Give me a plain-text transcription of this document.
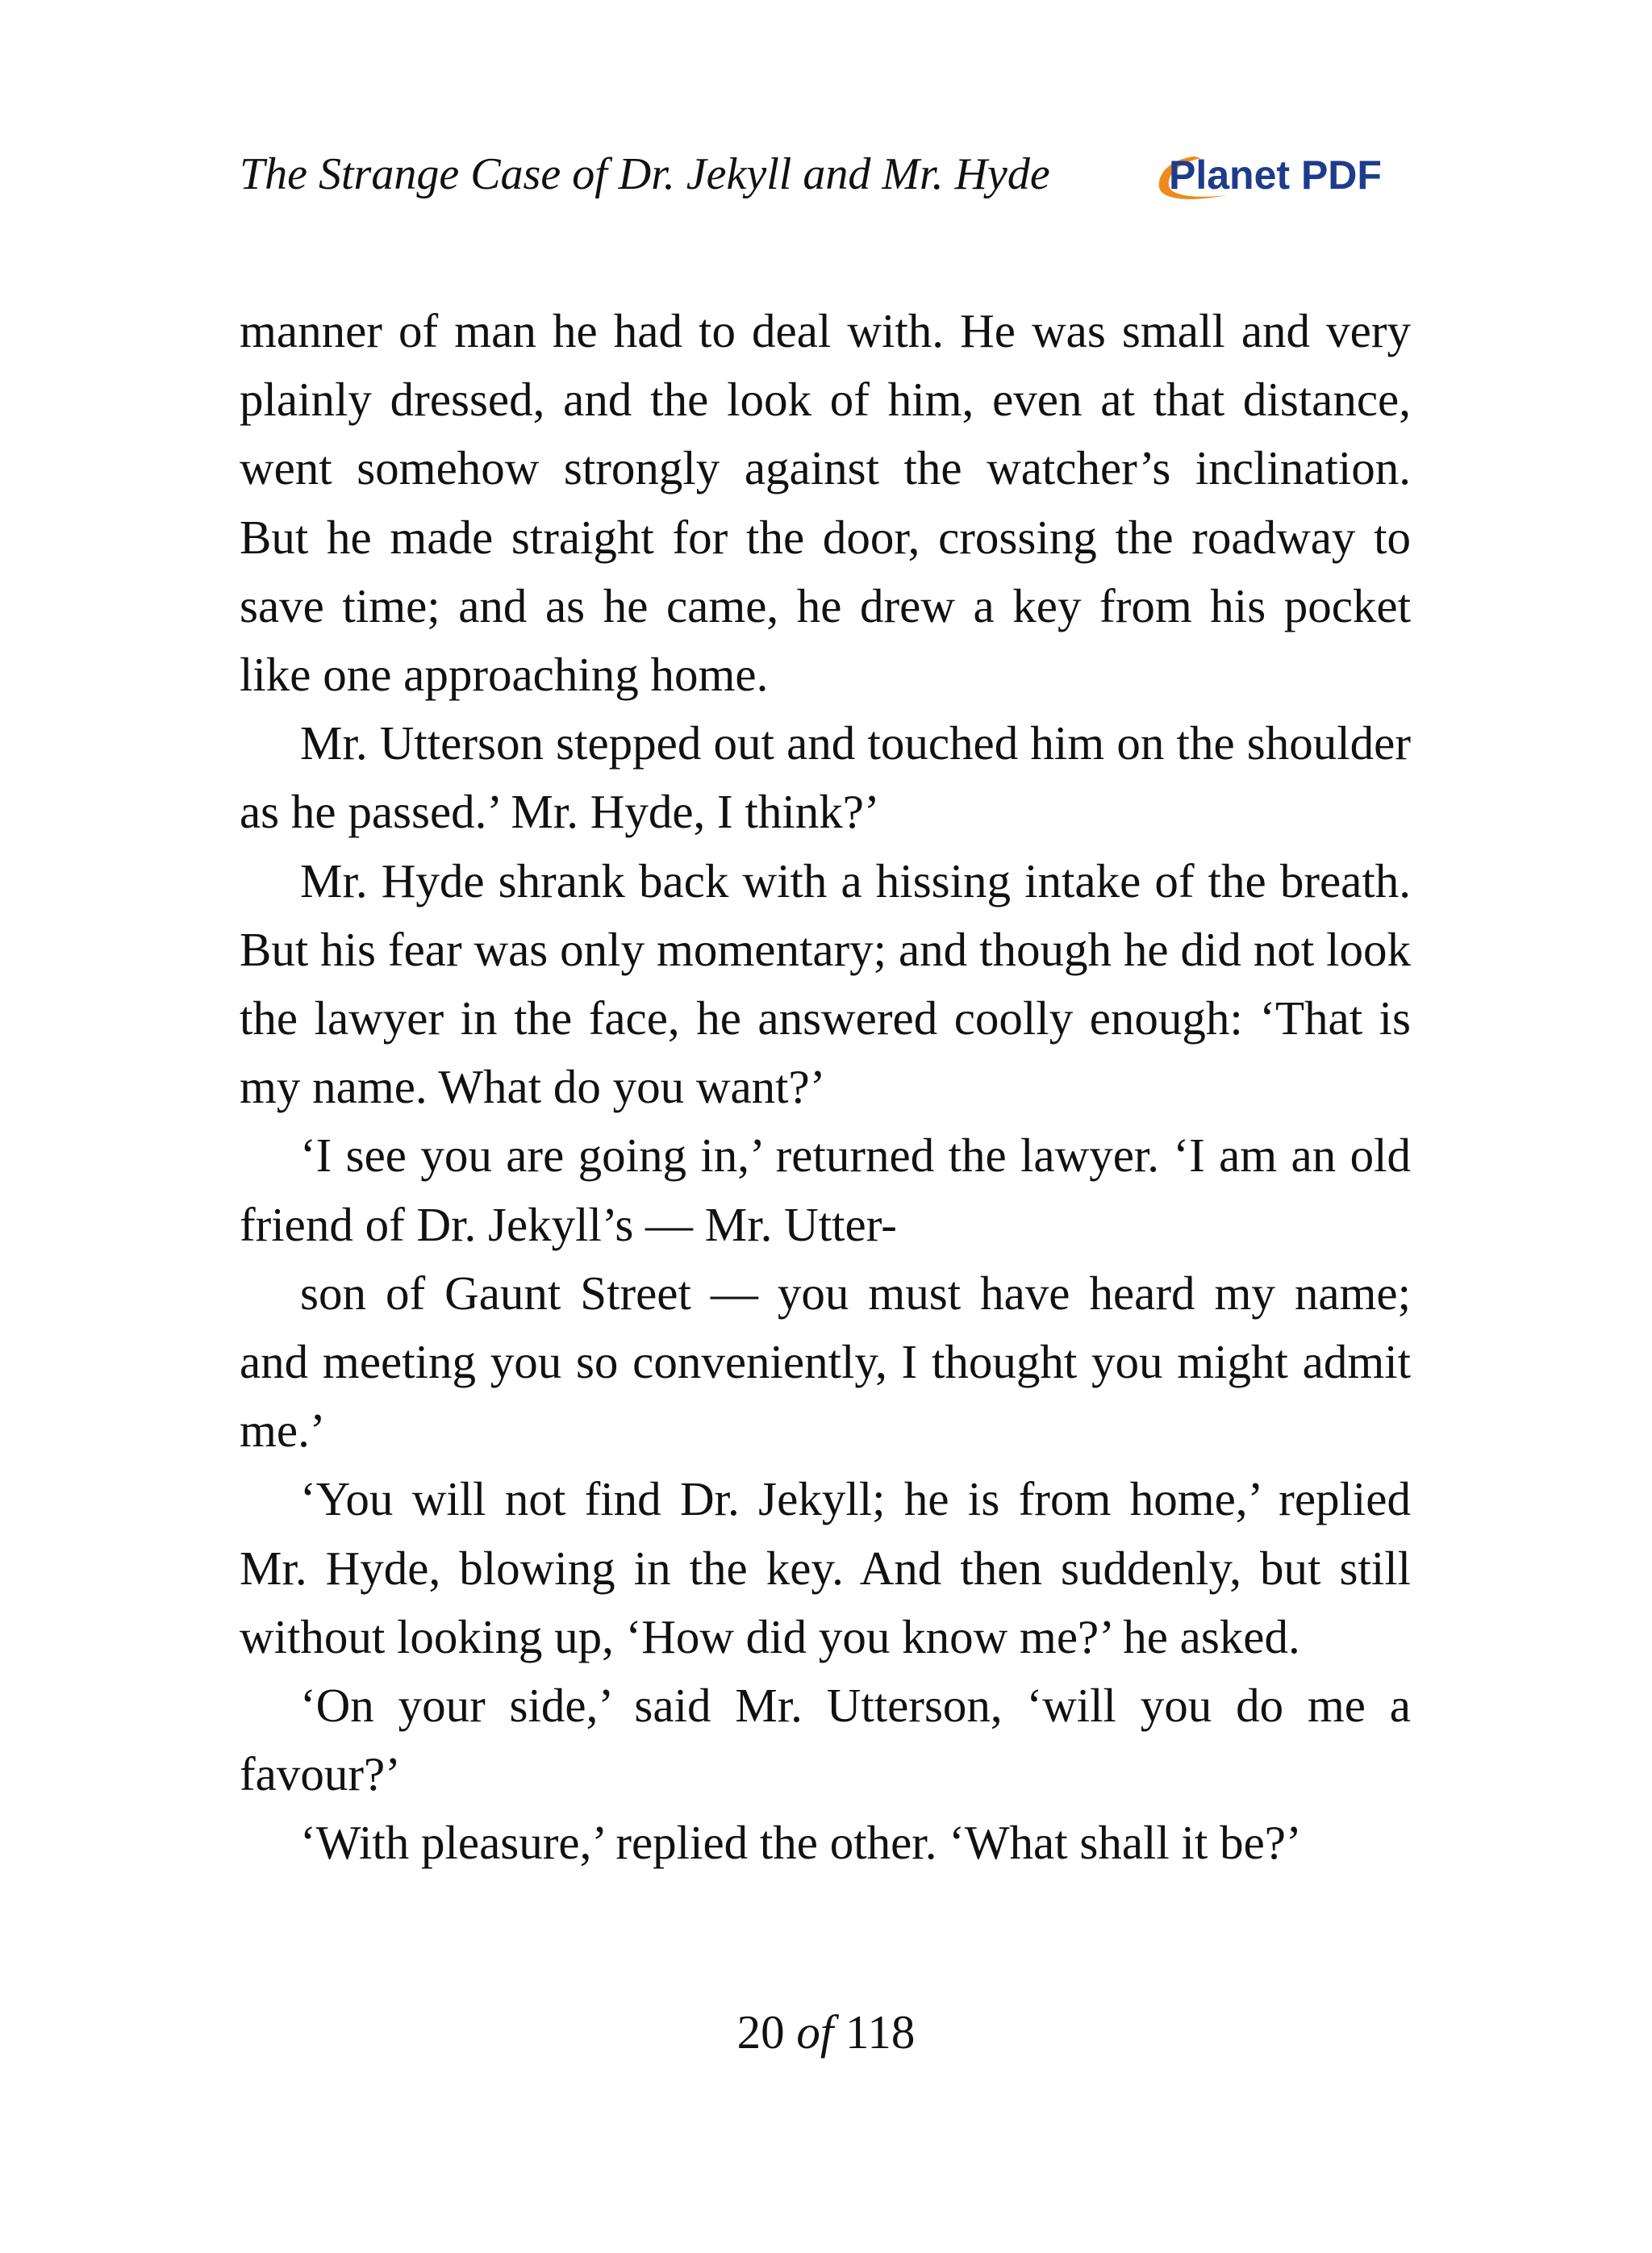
The Strange Case of Dr. Jekyll and Mr. Hyde	Planet PDF

manner of man he had to deal with. He was small and very plainly dressed, and the look of him, even at that distance, went somehow strongly against the watcher’s inclination. But he made straight for the door, crossing the roadway to save time; and as he came, he drew a key from his pocket like one approaching home.

Mr. Utterson stepped out and touched him on the shoulder as he passed.’ Mr. Hyde, I think?’

Mr. Hyde shrank back with a hissing intake of the breath. But his fear was only momentary; and though he did not look the lawyer in the face, he answered coolly enough: ‘That is my name. What do you want?’

‘I see you are going in,’ returned the lawyer. ‘I am an old friend of Dr. Jekyll’s — Mr. Utter-

son of Gaunt Street — you must have heard my name; and meeting you so conveniently, I thought you might admit me.’

‘You will not find Dr. Jekyll; he is from home,’ replied Mr. Hyde, blowing in the key. And then suddenly, but still without looking up, ‘How did you know me?’ he asked.

‘On your side,’ said Mr. Utterson, ‘will you do me a favour?’

‘With pleasure,’ replied the other. ‘What shall it be?’

20 of 118
